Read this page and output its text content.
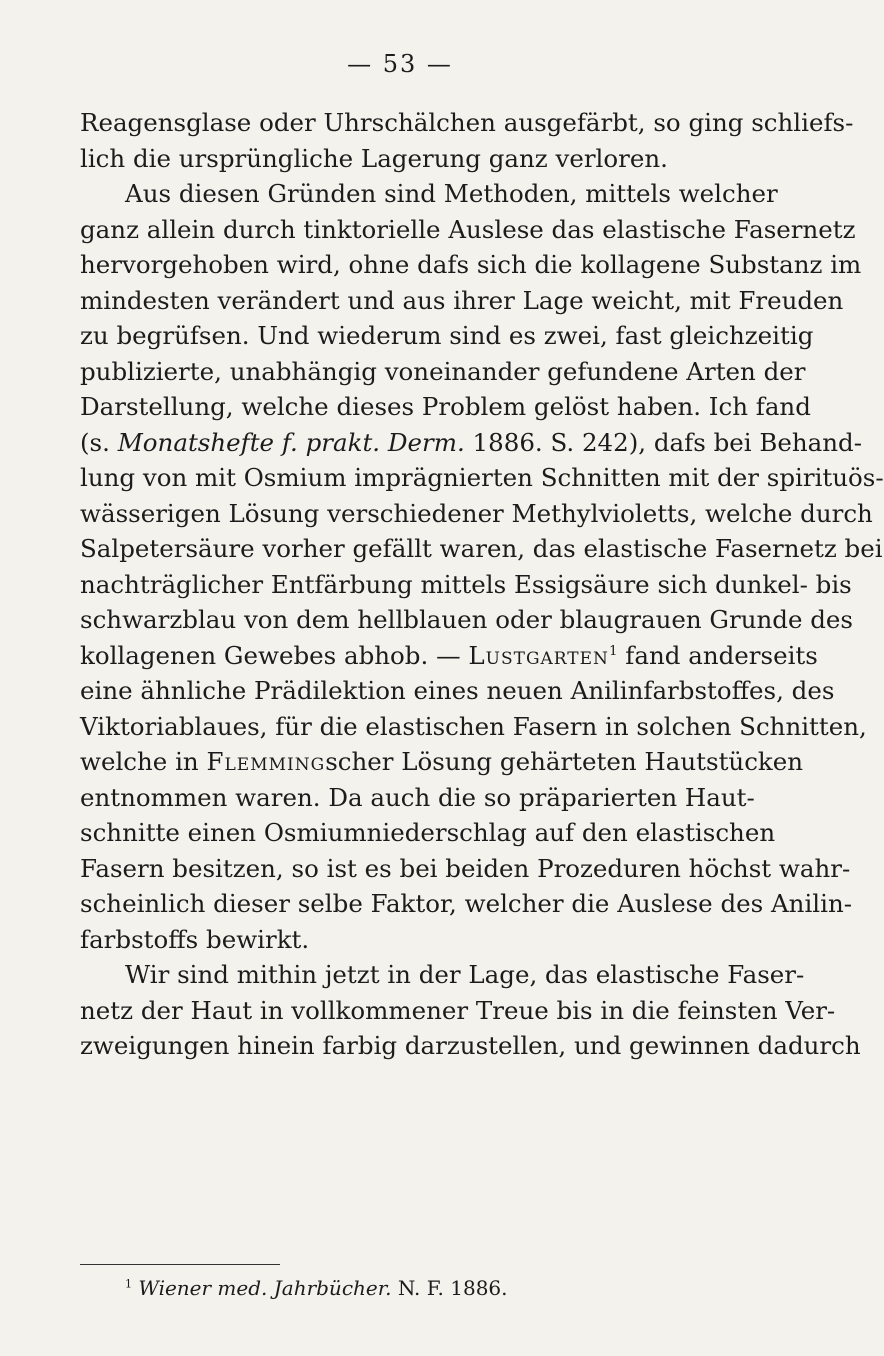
— 53 —
Reagensglase oder Uhrschälchen ausgefärbt, so ging schliefs-
lich die ursprüngliche Lagerung ganz verloren.
Aus diesen Gründen sind Methoden, mittels welcher
ganz allein durch tinktorielle Auslese das elastische Fasernetz
hervorgehoben wird, ohne dafs sich die kollagene Substanz im
mindesten verändert und aus ihrer Lage weicht, mit Freuden
zu begrüfsen. Und wiederum sind es zwei, fast gleichzeitig
publizierte, unabhängig voneinander gefundene Arten der
Darstellung, welche dieses Problem gelöst haben. Ich fand
(s. Monatshefte f. prakt. Derm. 1886. S. 242), dafs bei Behand-
lung von mit Osmium imprägnierten Schnitten mit der spirituös-
wässerigen Lösung verschiedener Methylvioletts, welche durch
Salpetersäure vorher gefällt waren, das elastische Fasernetz bei
nachträglicher Entfärbung mittels Essigsäure sich dunkel- bis
schwarzblau von dem hellblauen oder blaugrauen Grunde des
kollagenen Gewebes abhob. — Lustgarten$^1$ fand anderseits
eine ähnliche Prädilektion eines neuen Anilinfarbstoffes, des
Viktoriablaues, für die elastischen Fasern in solchen Schnitten,
welche in Flemmingscher Lösung gehärteten Hautstücken
entnommen waren. Da auch die so präparierten Haut-
schnitte einen Osmiumniederschlag auf den elastischen
Fasern besitzen, so ist es bei beiden Prozeduren höchst wahr-
scheinlich dieser selbe Faktor, welcher die Auslese des Anilin-
farbstoffs bewirkt.
Wir sind mithin jetzt in der Lage, das elastische Faser-
netz der Haut in vollkommener Treue bis in die feinsten Ver-
zweigungen hinein farbig darzustellen, und gewinnen dadurch
$^1$ Wiener med. Jahrbücher. N. F. 1886.
